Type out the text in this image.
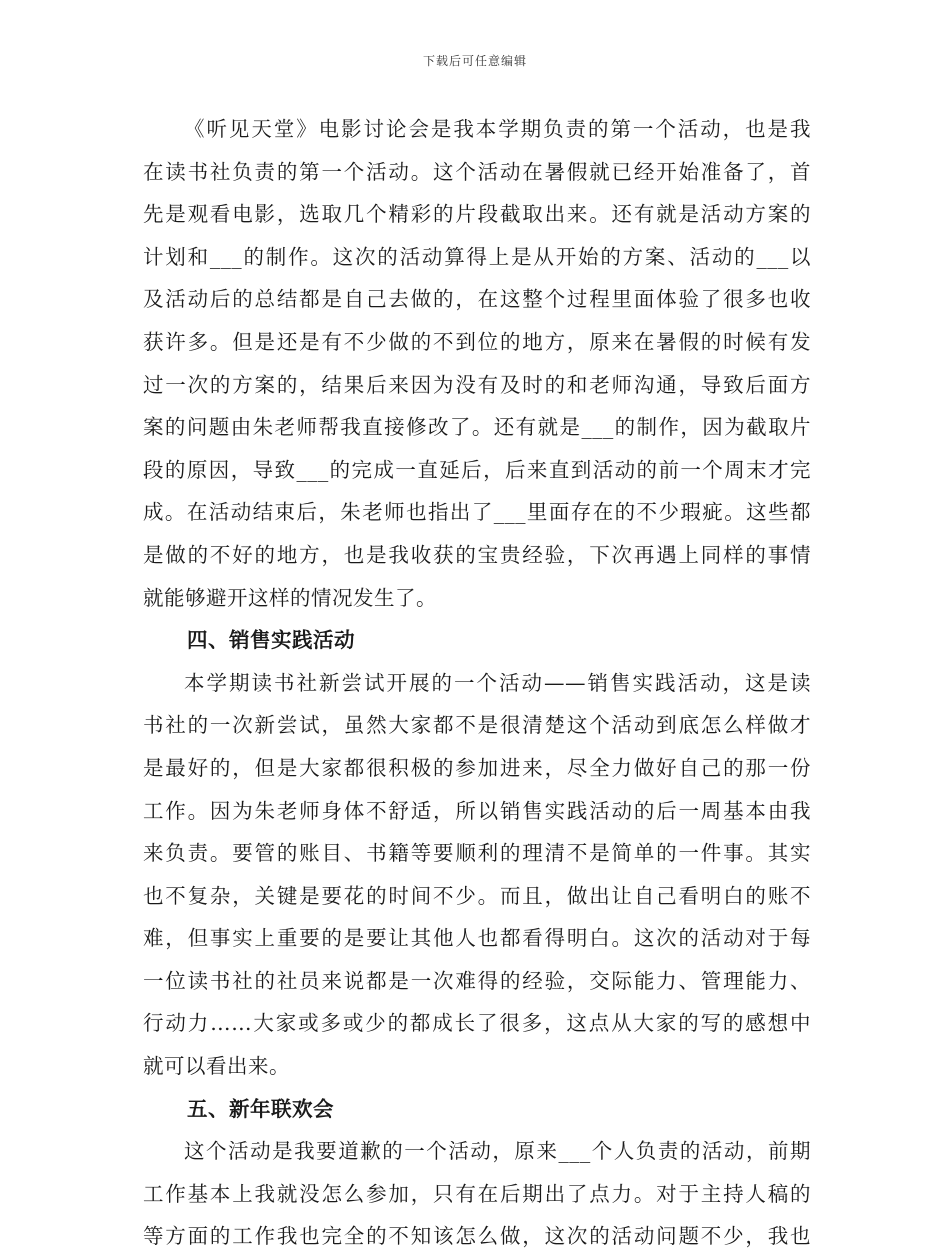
下载后可任意编辑
《听见天堂》电影讨论会是我本学期负责的第一个活动，也是我
在读书社负责的第一个活动。这个活动在暑假就已经开始准备了，首
先是观看电影，选取几个精彩的片段截取出来。还有就是活动方案的
计划和___的制作。这次的活动算得上是从开始的方案、活动的___以
及活动后的总结都是自己去做的，在这整个过程里面体验了很多也收
获许多。但是还是有不少做的不到位的地方，原来在暑假的时候有发
过一次的方案的，结果后来因为没有及时的和老师沟通，导致后面方
案的问题由朱老师帮我直接修改了。还有就是___的制作，因为截取片
段的原因，导致___的完成一直延后，后来直到活动的前一个周末才完
成。在活动结束后，朱老师也指出了___里面存在的不少瑕疵。这些都
是做的不好的地方，也是我收获的宝贵经验，下次再遇上同样的事情
就能够避开这样的情况发生了。
四、销售实践活动
本学期读书社新尝试开展的一个活动——销售实践活动，这是读
书社的一次新尝试，虽然大家都不是很清楚这个活动到底怎么样做才
是最好的，但是大家都很积极的参加进来，尽全力做好自己的那一份
工作。因为朱老师身体不舒适，所以销售实践活动的后一周基本由我
来负责。要管的账目、书籍等要顺利的理清不是简单的一件事。其实
也不复杂，关键是要花的时间不少。而且，做出让自己看明白的账不
难，但事实上重要的是要让其他人也都看得明白。这次的活动对于每
一位读书社的社员来说都是一次难得的经验，交际能力、管理能力、
行动力……大家或多或少的都成长了很多，这点从大家的写的感想中
就可以看出来。
五、新年联欢会
这个活动是我要道歉的一个活动，原来___个人负责的活动，前期
工作基本上我就没怎么参加，只有在后期出了点力。对于主持人稿的
等方面的工作我也完全的不知该怎么做，这次的活动问题不少，我也
